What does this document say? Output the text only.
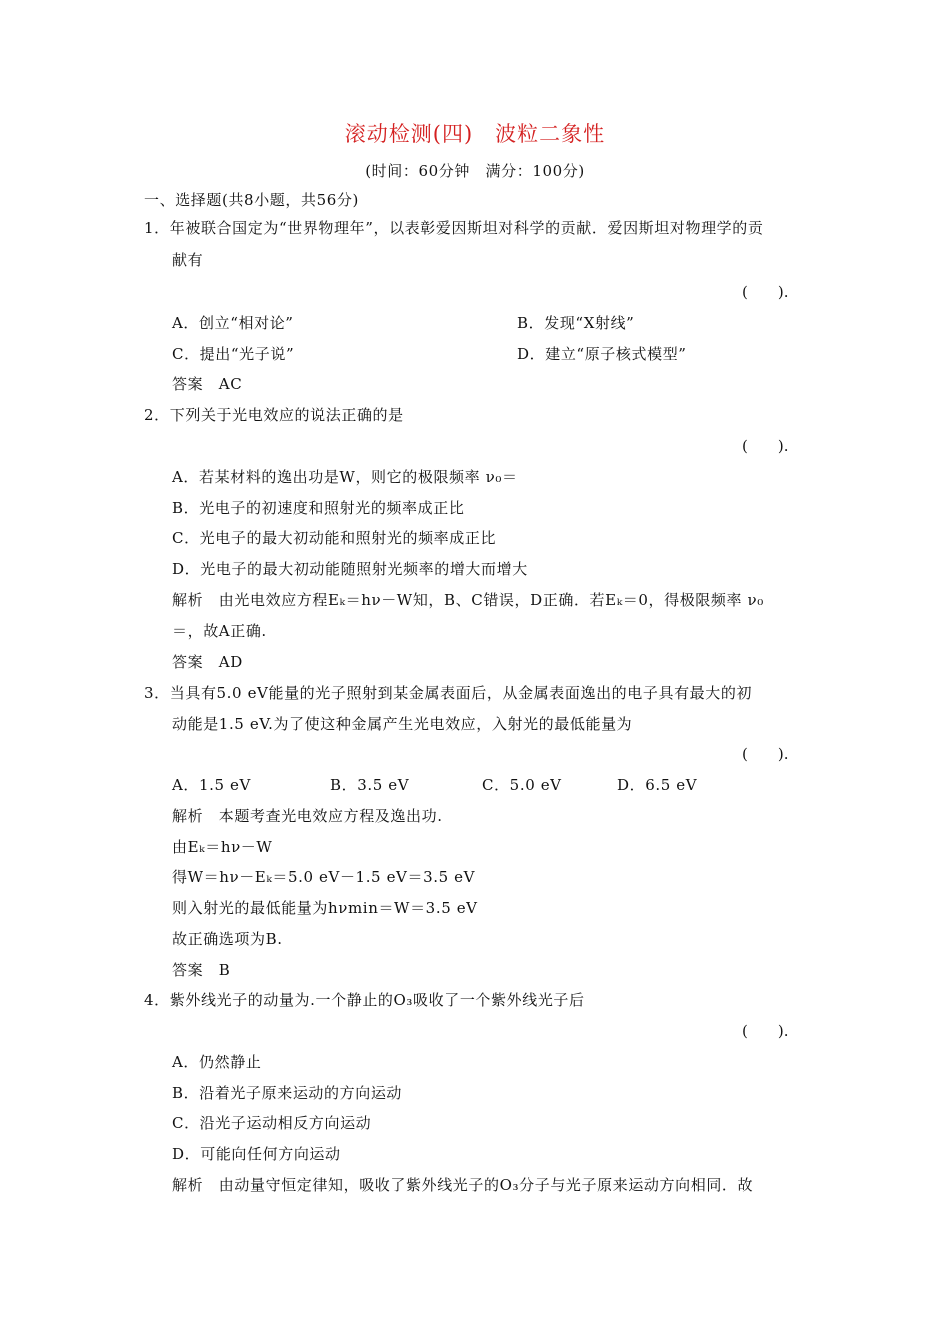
滚动检测(四)　波粒二象性
(时间：60分钟　满分：100分)
一、选择题(共8小题，共56分)
1．年被联合国定为“世界物理年”，以表彰爱因斯坦对科学的贡献．爱因斯坦对物理学的贡
献有
(　　).
A．创立“相对论”	B．发现“X射线”
C．提出“光子说”	D．建立“原子核式模型”
答案　AC
2．下列关于光电效应的说法正确的是
(　　).
A．若某材料的逸出功是W，则它的极限频率 ν₀＝
B．光电子的初速度和照射光的频率成正比
C．光电子的最大初动能和照射光的频率成正比
D．光电子的最大初动能随照射光频率的增大而增大
解析　由光电效应方程Eₖ＝hν－W知，B、C错误，D正确．若Eₖ＝0，得极限频率 ν₀
＝，故A正确.
答案　AD
3．当具有5.0 eV能量的光子照射到某金属表面后，从金属表面逸出的电子具有最大的初
动能是1.5 eV.为了使这种金属产生光电效应，入射光的最低能量为
(　　).
A．1.5 eV	B．3.5 eV	C．5.0 eV	D．6.5 eV
解析　本题考查光电效应方程及逸出功.
由Eₖ＝hν－W
得W＝hν－Eₖ＝5.0 eV－1.5 eV＝3.5 eV
则入射光的最低能量为hνmin＝W＝3.5 eV
故正确选项为B.
答案　B
4．紫外线光子的动量为.一个静止的O₃吸收了一个紫外线光子后
(　　).
A．仍然静止
B．沿着光子原来运动的方向运动
C．沿光子运动相反方向运动
D．可能向任何方向运动
解析　由动量守恒定律知，吸收了紫外线光子的O₃分子与光子原来运动方向相同．故
